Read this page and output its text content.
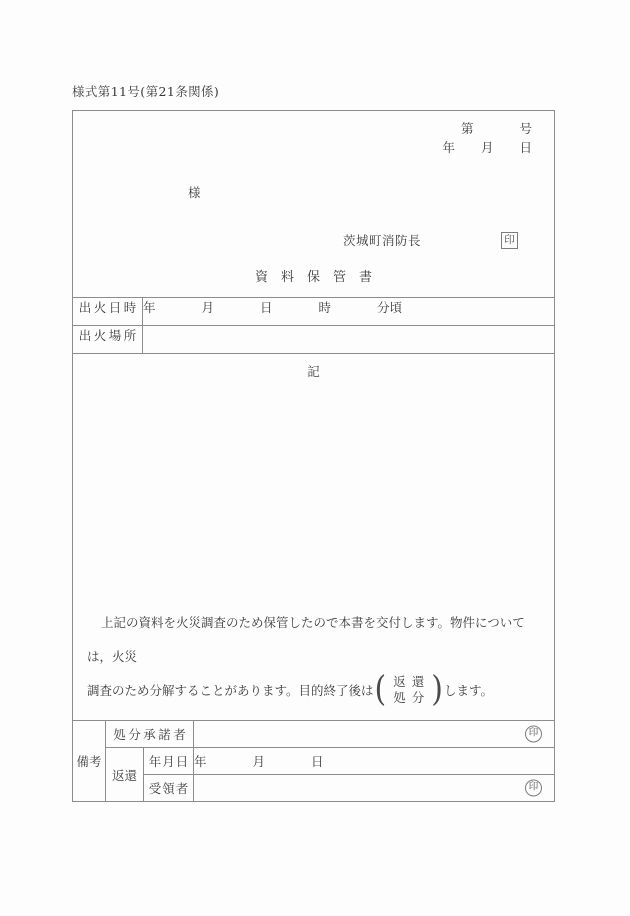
様式第11号(第21条関係)
第	号
年 月 日
様
茨城町消防長	印
資料保管書

出火日時	年 月 日 時 分頃
出火場所	

記

上記の資料を火災調査のため保管したので本書を交付します。物件については，火災

調査のため分解することがあります。目的終了後は ( 返還
処分 ) します。

備考	処分承諾者		印

	返還	年月日	年 月 日
		受領者	印
